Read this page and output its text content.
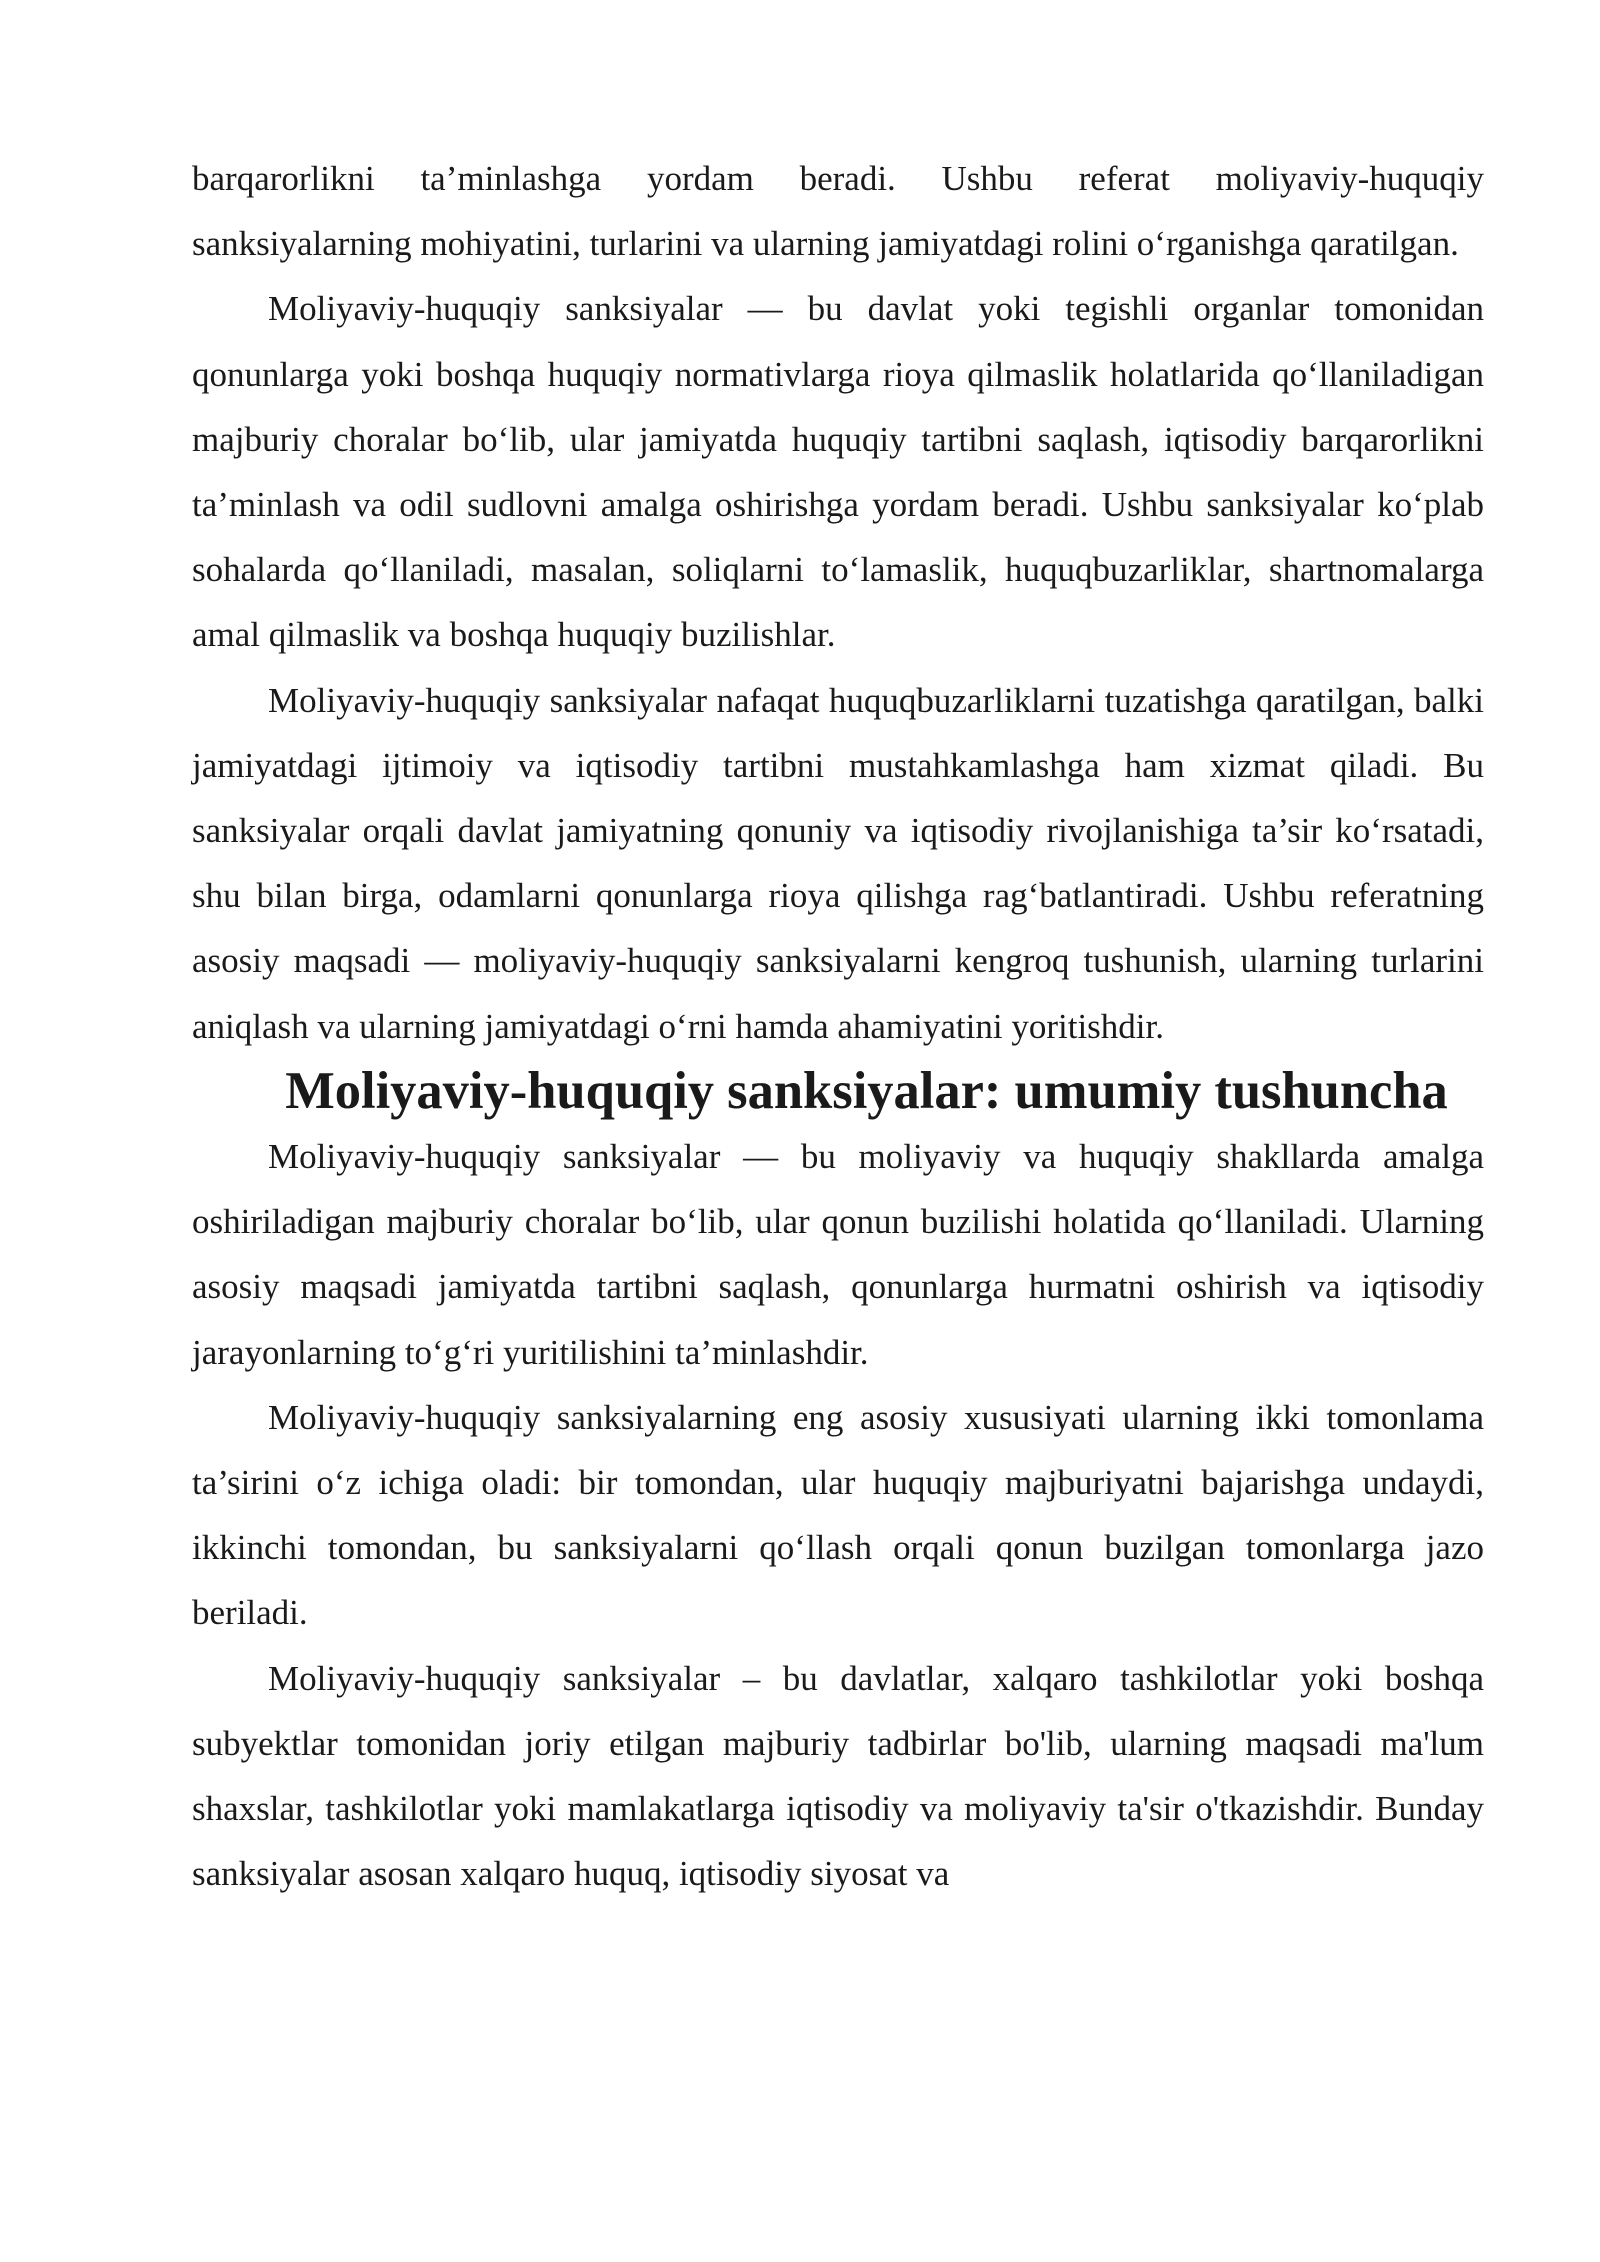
barqarorlikni ta’minlashga yordam beradi. Ushbu referat moliyaviy-huquqiy sanksiyalarning mohiyatini, turlarini va ularning jamiyatdagi rolini o‘rganishga qaratilgan.

Moliyaviy-huquqiy sanksiyalar — bu davlat yoki tegishli organlar tomonidan qonunlarga yoki boshqa huquqiy normativlarga rioya qilmaslik holatlarida qo‘llaniladigan majburiy choralar bo‘lib, ular jamiyatda huquqiy tartibni saqlash, iqtisodiy barqarorlikni ta’minlash va odil sudlovni amalga oshirishga yordam beradi. Ushbu sanksiyalar ko‘plab sohalarda qo‘llaniladi, masalan, soliqlarni to‘lamaslik, huquqbuzarliklar, shartnomalarga amal qilmaslik va boshqa huquqiy buzilishlar.

Moliyaviy-huquqiy sanksiyalar nafaqat huquqbuzarliklarni tuzatishga qaratilgan, balki jamiyatdagi ijtimoiy va iqtisodiy tartibni mustahkamlashga ham xizmat qiladi. Bu sanksiyalar orqali davlat jamiyatning qonuniy va iqtisodiy rivojlanishiga ta’sir ko‘rsatadi, shu bilan birga, odamlarni qonunlarga rioya qilishga rag‘batlantiradi. Ushbu referatning asosiy maqsadi — moliyaviy-huquqiy sanksiyalarni kengroq tushunish, ularning turlarini aniqlash va ularning jamiyatdagi o‘rni hamda ahamiyatini yoritishdir.

Moliyaviy-huquqiy sanksiyalar: umumiy tushuncha

Moliyaviy-huquqiy sanksiyalar — bu moliyaviy va huquqiy shakllarda amalga oshiriladigan majburiy choralar bo‘lib, ular qonun buzilishi holatida qo‘llaniladi. Ularning asosiy maqsadi jamiyatda tartibni saqlash, qonunlarga hurmatni oshirish va iqtisodiy jarayonlarning to‘g‘ri yuritilishini ta’minlashdir.

Moliyaviy-huquqiy sanksiyalarning eng asosiy xususiyati ularning ikki tomonlama ta’sirini o‘z ichiga oladi: bir tomondan, ular huquqiy majburiyatni bajarishga undaydi, ikkinchi tomondan, bu sanksiyalarni qo‘llash orqali qonun buzilgan tomonlarga jazo beriladi.

Moliyaviy-huquqiy sanksiyalar – bu davlatlar, xalqaro tashkilotlar yoki boshqa subyektlar tomonidan joriy etilgan majburiy tadbirlar bo'lib, ularning maqsadi ma'lum shaxslar, tashkilotlar yoki mamlakatlarga iqtisodiy va moliyaviy ta'sir o'tkazishdir. Bunday sanksiyalar asosan xalqaro huquq, iqtisodiy siyosat va
